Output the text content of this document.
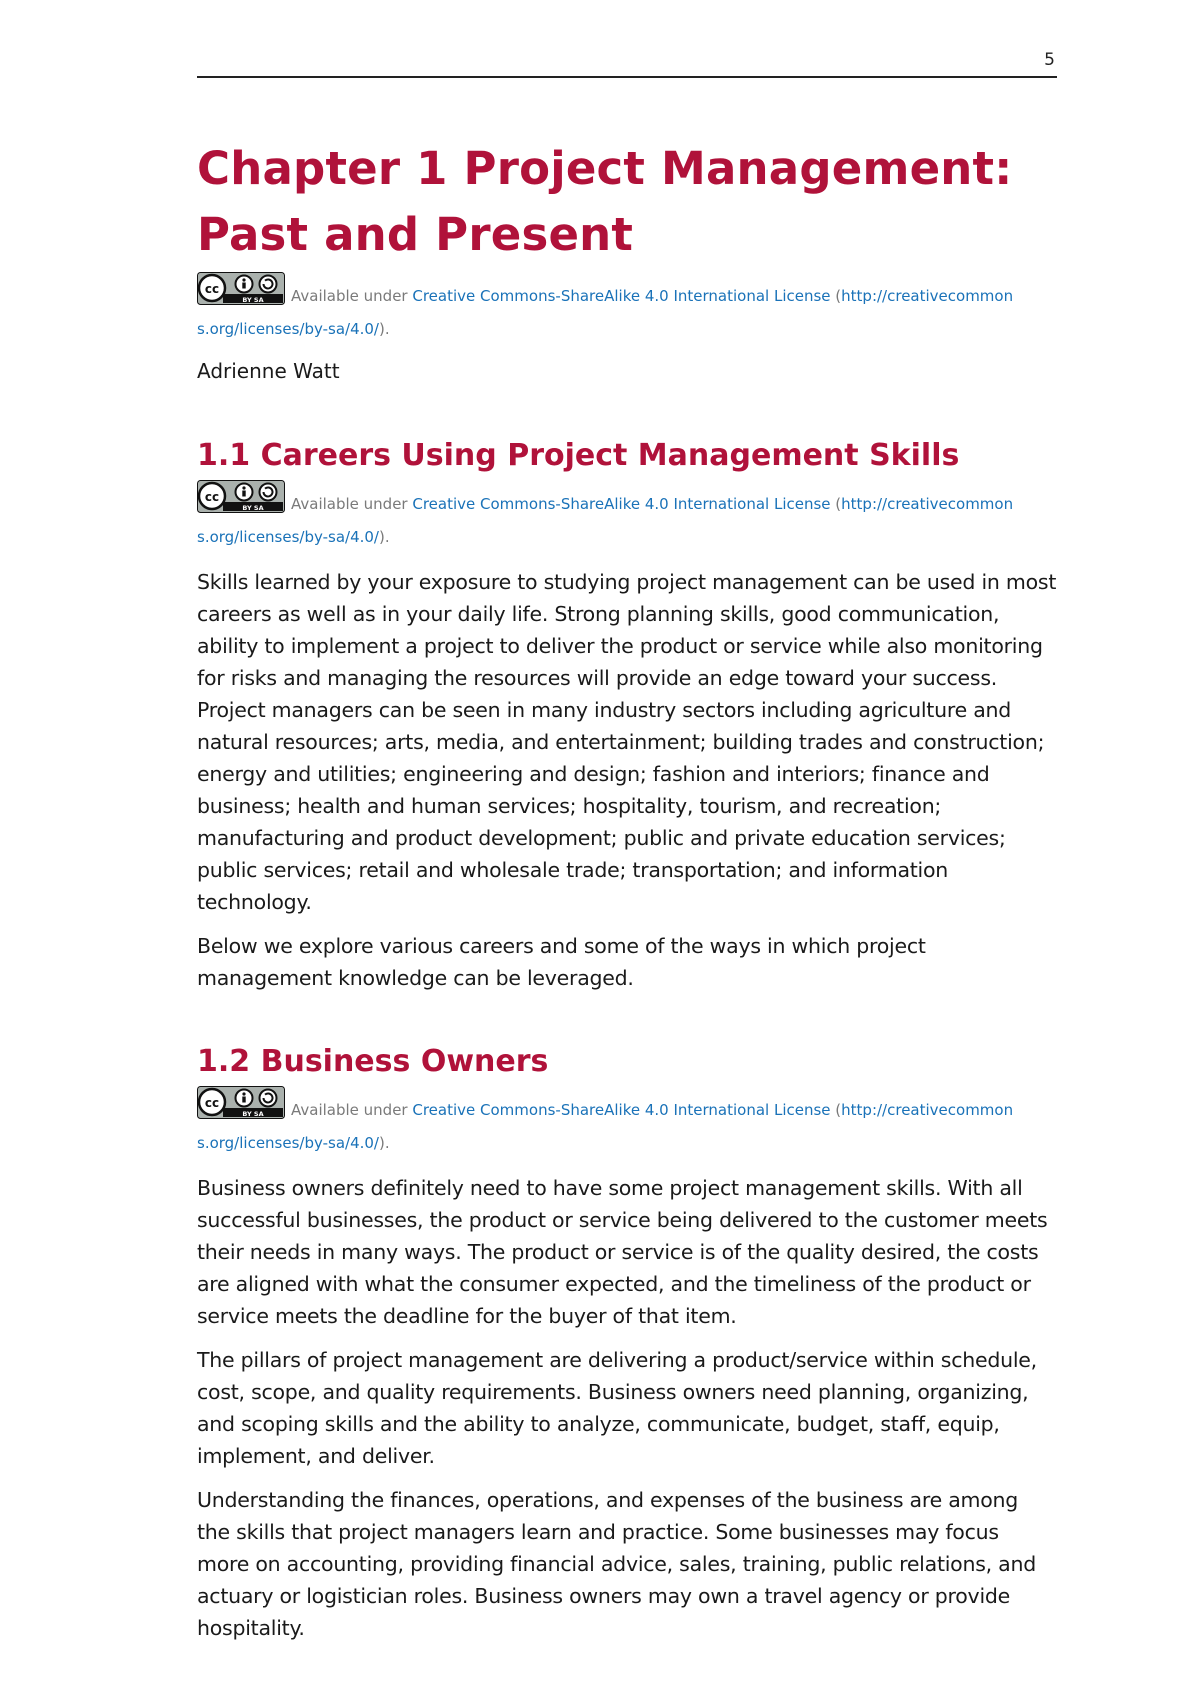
5
Chapter 1 Project Management: Past and Present
cc
BY SA Available under Creative Commons-ShareAlike 4.0 International License (http://creativecommon
s.org/licenses/by-sa/4.0/).
Adrienne Watt
1.1 Careers Using Project Management Skills
cc
BY SA Available under Creative Commons-ShareAlike 4.0 International License (http://creativecommon
s.org/licenses/by-sa/4.0/).

Skills learned by your exposure to studying project management can be used in most careers as well as in your daily life. Strong planning skills, good communication, ability to implement a project to deliver the product or service while also monitoring for risks and managing the resources will provide an edge toward your success. Project managers can be seen in many industry sectors including agriculture and natural resources; arts, media, and entertainment; building trades and construction; energy and utilities; engineering and design; fashion and interiors; finance and business; health and human services; hospitality, tourism, and recreation; manufacturing and product development; public and private education services; public services; retail and wholesale trade; transportation; and information technology.

Below we explore various careers and some of the ways in which project management knowledge can be leveraged.

1.2 Business Owners
cc
BY SA Available under Creative Commons-ShareAlike 4.0 International License (http://creativecommon
s.org/licenses/by-sa/4.0/).

Business owners definitely need to have some project management skills. With all successful businesses, the product or service being delivered to the customer meets their needs in many ways. The product or service is of the quality desired, the costs are aligned with what the consumer expected, and the timeliness of the product or service meets the deadline for the buyer of that item.

The pillars of project management are delivering a product/service within schedule, cost, scope, and quality requirements. Business owners need planning, organizing, and scoping skills and the ability to analyze, communicate, budget, staff, equip, implement, and deliver.

Understanding the finances, operations, and expenses of the business are among the skills that project managers learn and practice. Some businesses may focus more on accounting, providing financial advice, sales, training, public relations, and actuary or logistician roles. Business owners may own a travel agency or provide hospitality.
